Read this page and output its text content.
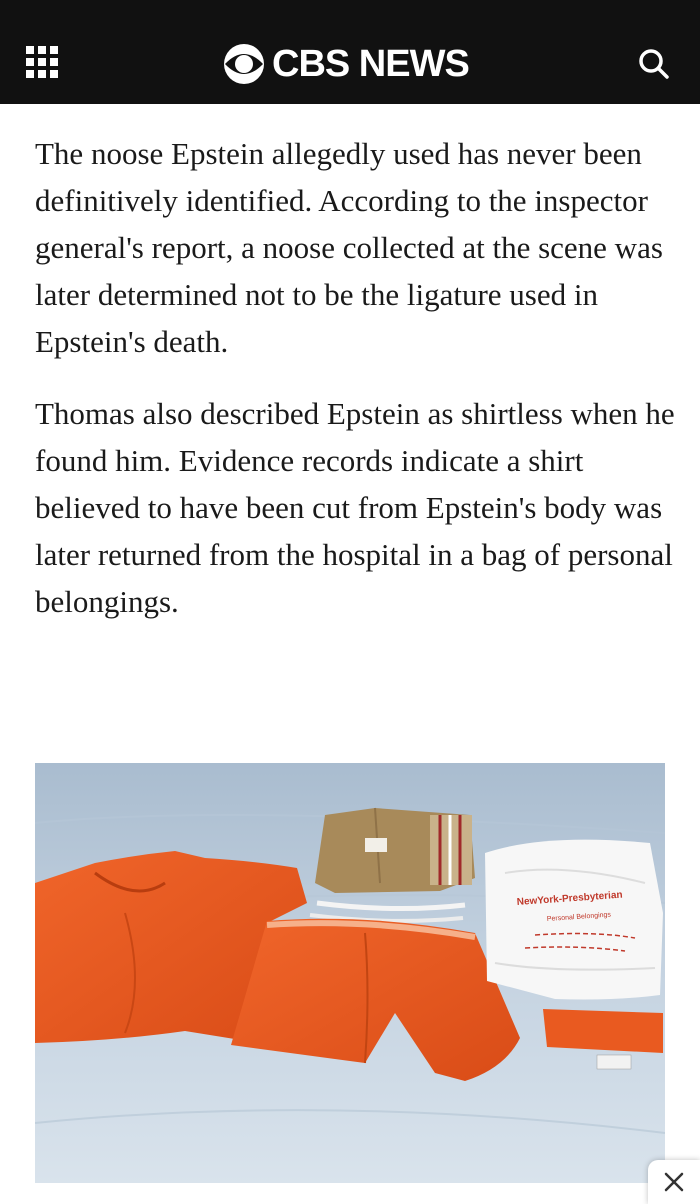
CBS NEWS

The noose Epstein allegedly used has never been definitively identified. According to the inspector general's report, a noose collected at the scene was later determined not to be the ligature used in Epstein's death.

Thomas also described Epstein as shirtless when he found him. Evidence records indicate a shirt believed to have been cut from Epstein's body was later returned from the hospital in a bag of personal belongings.

NewYork-Presbyterian
Personal Belongings
